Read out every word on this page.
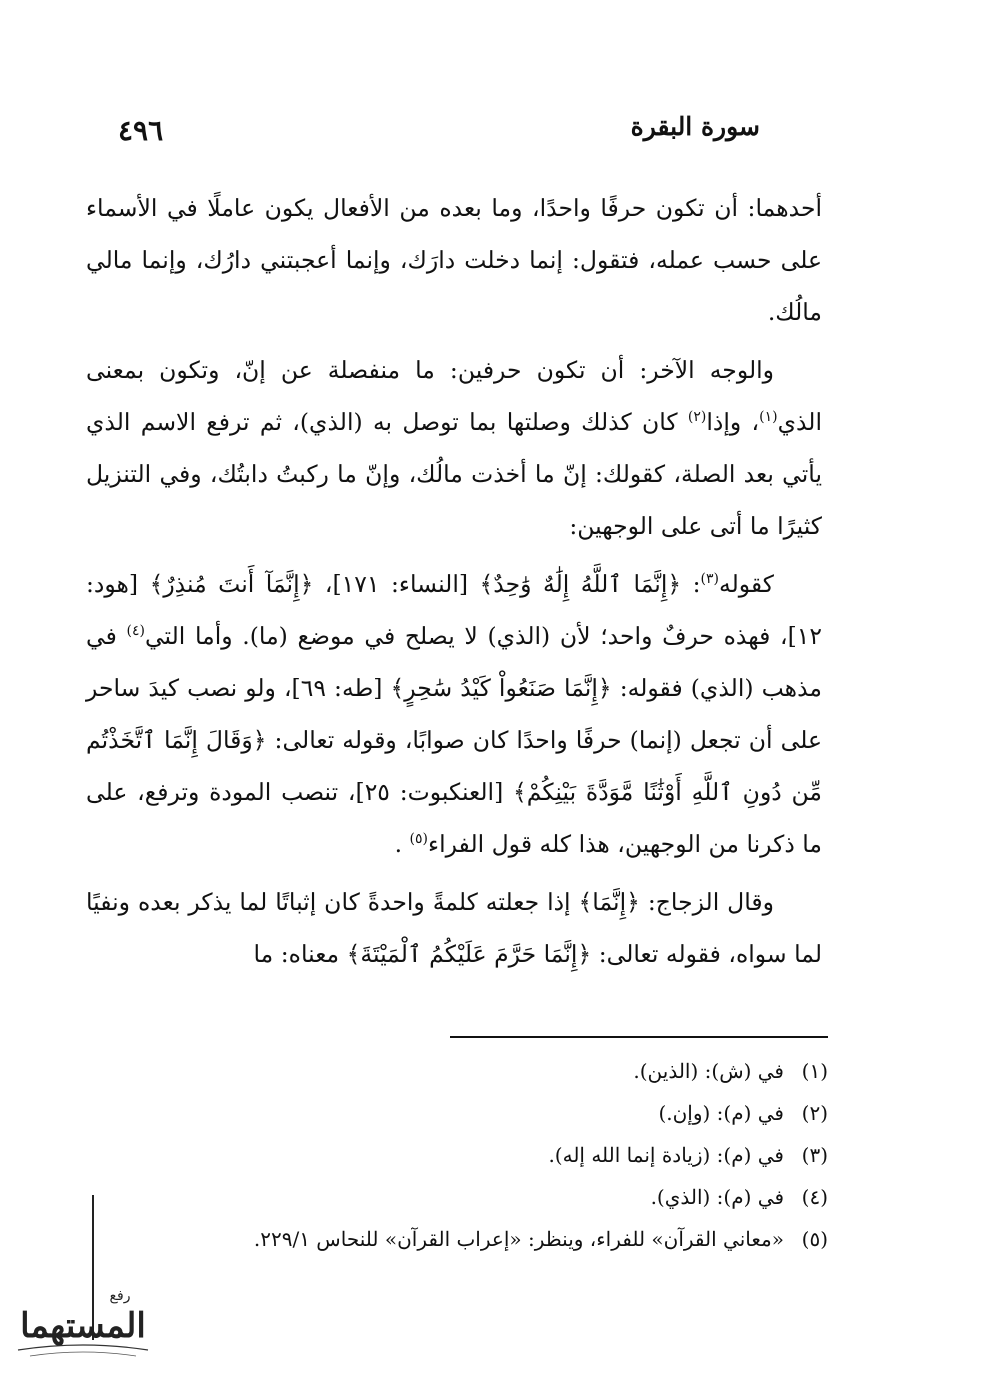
٤٩٦	سورة البقرة

أحدهما: أن تكون حرفًا واحدًا، وما بعده من الأفعال يكون عاملًا في الأسماء على حسب عمله، فتقول: إنما دخلت دارَك، وإنما أعجبتني دارُك، وإنما مالي مالُك.

والوجه الآخر: أن تكون حرفين: ما منفصلة عن إنّ، وتكون بمعنى الذي$^{(١)}$، وإذا$^{(٢)}$ كان كذلك وصلتها بما توصل به (الذي)، ثم ترفع الاسم الذي يأتي بعد الصلة، كقولك: إنّ ما أخذت مالُك، وإنّ ما ركبتُ دابتُك، وفي التنزيل كثيرًا ما أتى على الوجهين:

كقوله$^{(٣)}$: ﴿إِنَّمَا ٱللَّهُ إِلَٰهٌ وَٰحِدٌ﴾ [النساء: ١٧١]، ﴿إِنَّمَآ أَنتَ مُنذِرٌ﴾ [هود: ١٢]، فهذه حرفٌ واحد؛ لأن (الذي) لا يصلح في موضع (ما). وأما التي$^{(٤)}$ في مذهب (الذي) فقوله: ﴿إِنَّمَا صَنَعُواْ كَيْدُ سَٰحِرٍ﴾ [طه: ٦٩]، ولو نصب كيدَ ساحر على أن تجعل (إنما) حرفًا واحدًا كان صوابًا، وقوله تعالى: ﴿وَقَالَ إِنَّمَا ٱتَّخَذْتُم مِّن دُونِ ٱللَّهِ أَوْثَٰنًا مَّوَدَّةَ بَيْنِكُمْ﴾ [العنكبوت: ٢٥]، تنصب المودة وترفع، على ما ذكرنا من الوجهين، هذا كله قول الفراء$^{(٥)}$ .

وقال الزجاج: ﴿إِنَّمَا﴾ إذا جعلته كلمةً واحدةً كان إثباتًا لما يذكر بعده ونفيًا لما سواه، فقوله تعالى: ﴿إِنَّمَا حَرَّمَ عَلَيْكُمُ ٱلْمَيْتَةَ﴾ معناه: ما

(١)
في (ش): (الذين).
(٢)
في (م): (وإن.)
(٣)
في (م): (زيادة إنما الله إله).
(٤)
في (م): (الذي).
(٥)
«معاني القرآن» للفراء، وينظر: «إعراب القرآن» للنحاس ٢٢٩/١.
رفع
المستهما
